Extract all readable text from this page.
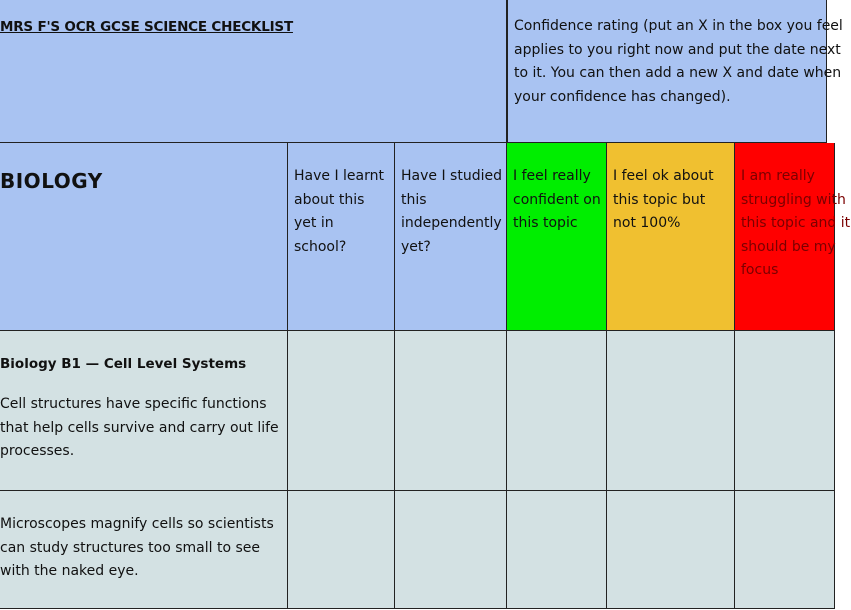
MRS F'S OCR GCSE SCIENCE CHECKLIST	Confidence rating (put an X in the box you feel applies to you right now and put the date next to it. You can then add a new X and date when your confidence has changed).
BIOLOGY	Have I learnt about this yet in school?
Have I studied this independently yet?
I feel really confident on this topic
I feel ok about this topic but not 100%
I am really struggling with this topic and it should be my focus
Biology B1 — Cell Level Systems
Cell structures have specific functions that help cells survive and carry out life processes.
Microscopes magnify cells so scientists can study structures too small to see with the naked eye.
